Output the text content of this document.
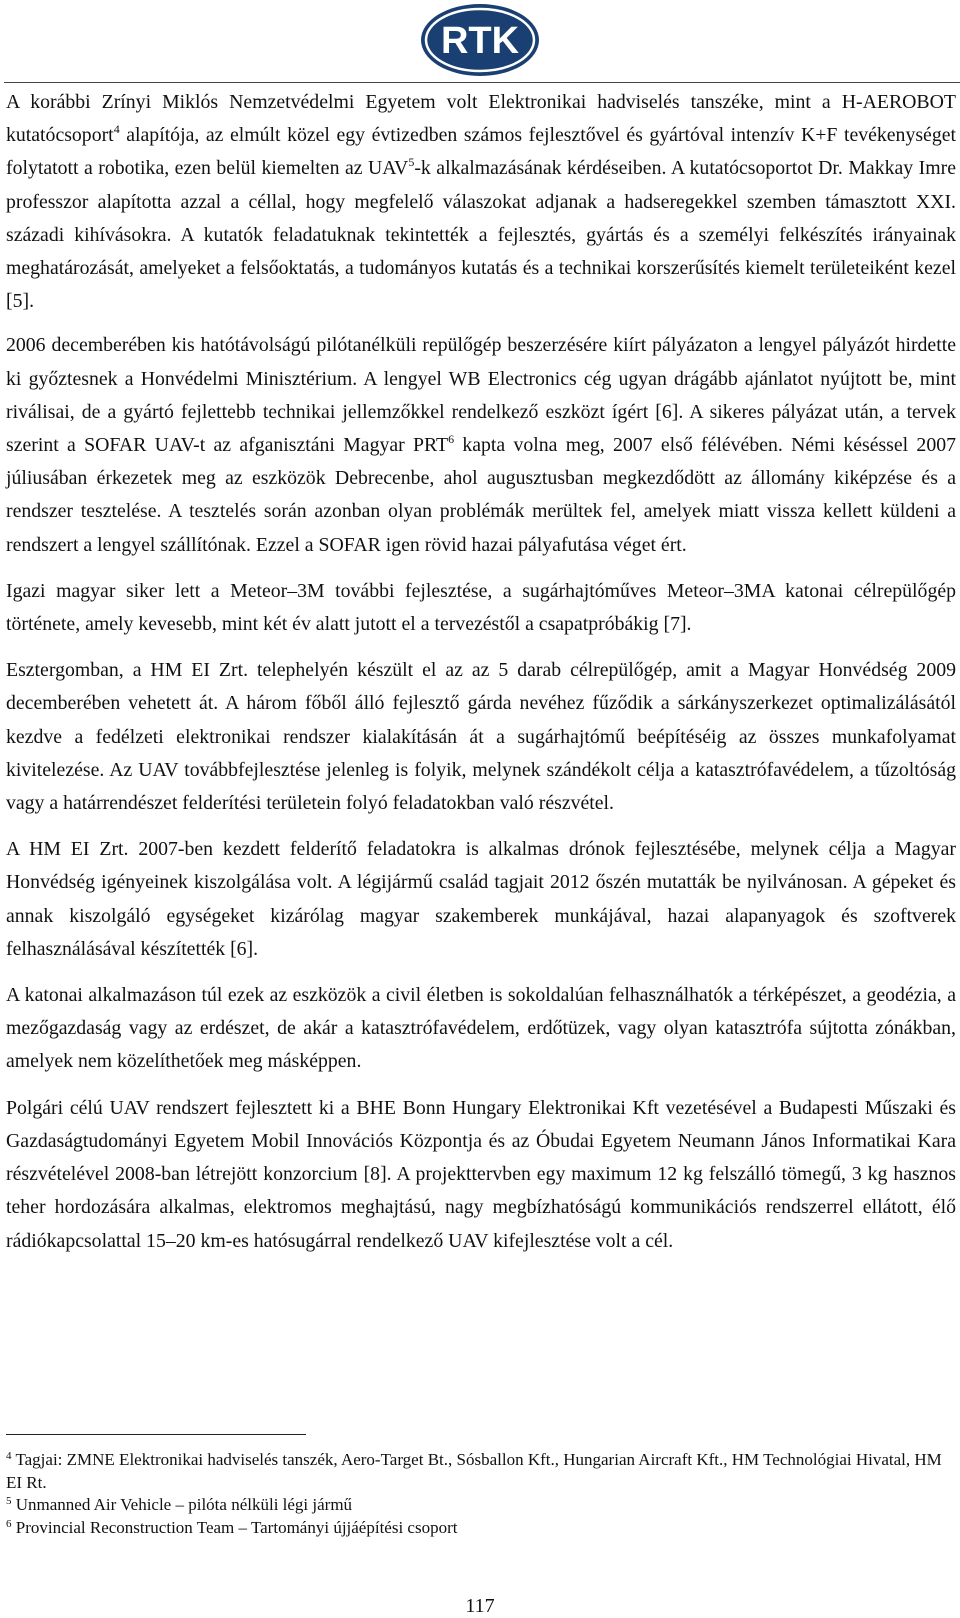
RTK

A korábbi Zrínyi Miklós Nemzetvédelmi Egyetem volt Elektronikai hadviselés tanszéke, mint a H-AEROBOT kutatócsoport$^4$ alapítója, az elmúlt közel egy évtizedben számos fejlesztővel és gyártóval intenzív K+F tevékenységet folytatott a robotika, ezen belül kiemelten az UAV$^5$-k alkalmazásának kérdéseiben. A kutatócsoportot Dr. Makkay Imre professzor alapította azzal a céllal, hogy megfelelő válaszokat adjanak a hadseregekkel szemben támasztott XXI. századi kihívásokra. A kutatók feladatuknak tekintették a fejlesztés, gyártás és a személyi felkészítés irányainak meghatározását, amelyeket a felsőoktatás, a tudományos kutatás és a technikai korszerűsítés kiemelt területeiként kezel [5].

2006 decemberében kis hatótávolságú pilótanélküli repülőgép beszerzésére kiírt pályázaton a lengyel pályázót hirdette ki győztesnek a Honvédelmi Minisztérium. A lengyel WB Electronics cég ugyan drágább ajánlatot nyújtott be, mint riválisai, de a gyártó fejlettebb technikai jellemzőkkel rendelkező eszközt ígért [6]. A sikeres pályázat után, a tervek szerint a SOFAR UAV-t az afganisztáni Magyar PRT$^6$ kapta volna meg, 2007 első félévében. Némi késéssel 2007 júliusában érkezetek meg az eszközök Debrecenbe, ahol augusztusban megkezdődött az állomány kiképzése és a rendszer tesztelése. A tesztelés során azonban olyan problémák merültek fel, amelyek miatt vissza kellett küldeni a rendszert a lengyel szállítónak. Ezzel a SOFAR igen rövid hazai pályafutása véget ért.

Igazi magyar siker lett a Meteor–3M további fejlesztése, a sugárhajtóműves Meteor–3MA katonai célrepülőgép története, amely kevesebb, mint két év alatt jutott el a tervezéstől a csapatpróbákig [7].

Esztergomban, a HM EI Zrt. telephelyén készült el az az 5 darab célrepülőgép, amit a Magyar Honvédség 2009 decemberében vehetett át. A három főből álló fejlesztő gárda nevéhez fűződik a sárkányszerkezet optimalizálásától kezdve a fedélzeti elektronikai rendszer kialakításán át a sugárhajtómű beépítéséig az összes munkafolyamat kivitelezése. Az UAV továbbfejlesztése jelenleg is folyik, melynek szándékolt célja a katasztrófavédelem, a tűzoltóság vagy a határrendészet felderítési területein folyó feladatokban való részvétel.

A HM EI Zrt. 2007-ben kezdett felderítő feladatokra is alkalmas drónok fejlesztésébe, melynek célja a Magyar Honvédség igényeinek kiszolgálása volt. A légijármű család tagjait 2012 őszén mutatták be nyilvánosan. A gépeket és annak kiszolgáló egységeket kizárólag magyar szakemberek munkájával, hazai alapanyagok és szoftverek felhasználásával készítették [6].

A katonai alkalmazáson túl ezek az eszközök a civil életben is sokoldalúan felhasználhatók a térképészet, a geodézia, a mezőgazdaság vagy az erdészet, de akár a katasztrófavédelem, erdőtüzek, vagy olyan katasztrófa sújtotta zónákban, amelyek nem közelíthetőek meg másképpen.

Polgári célú UAV rendszert fejlesztett ki a BHE Bonn Hungary Elektronikai Kft vezetésével a Budapesti Műszaki és Gazdaságtudományi Egyetem Mobil Innovációs Központja és az Óbudai Egyetem Neumann János Informatikai Kara részvételével 2008-ban létrejött konzorcium [8]. A projekttervben egy maximum 12 kg felszálló tömegű, 3 kg hasznos teher hordozására alkalmas, elektromos meghajtású, nagy megbízhatóságú kommunikációs rendszerrel ellátott, élő rádiókapcsolattal 15–20 km-es hatósugárral rendelkező UAV kifejlesztése volt a cél.

$^4$ Tagjai: ZMNE Elektronikai hadviselés tanszék, Aero-Target Bt., Sósballon Kft., Hungarian Aircraft Kft., HM Technológiai Hivatal, HM EI Rt.

$^5$ Unmanned Air Vehicle – pilóta nélküli légi jármű

$^6$ Provincial Reconstruction Team – Tartományi újjáépítési csoport

117
